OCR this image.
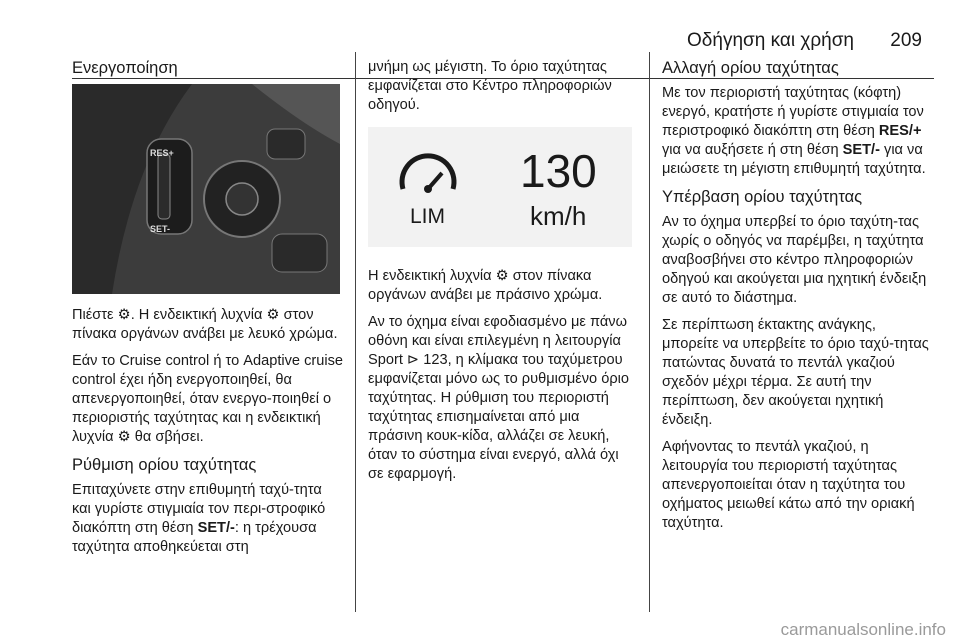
Οδήγηση και χρήση 209
Ενεργοποίηση
RES+
SET-

Πιέστε ⚙. Η ενδεικτική λυχνία ⚙ στον πίνακα οργάνων ανάβει με λευκό χρώμα.

Εάν το Cruise control ή το Adaptive cruise control έχει ήδη ενεργοποιηθεί, θα απενεργοποιηθεί, όταν ενεργο-ποιηθεί ο περιοριστής ταχύτητας και η ενδεικτική λυχνία ⚙ θα σβήσει.

Ρύθμιση ορίου ταχύτητας

Επιταχύνετε στην επιθυμητή ταχύ-τητα και γυρίστε στιγμιαία τον περι-στροφικό διακόπτη στη θέση SET/-: η τρέχουσα ταχύτητα αποθηκεύεται στη

μνήμη ως μέγιστη. Το όριο ταχύτητας εμφανίζεται στο Κέντρο πληροφοριών οδηγού.

LIM
130
km/h

Η ενδεικτική λυχνία ⚙ στον πίνακα οργάνων ανάβει με πράσινο χρώμα.

Αν το όχημα είναι εφοδιασμένο με πάνω οθόνη και είναι επιλεγμένη η λειτουργία Sport ⊳ 123, η κλίμακα του ταχύμετρου εμφανίζεται μόνο ως το ρυθμισμένο όριο ταχύτητας. Η ρύθμιση του περιοριστή ταχύτητας επισημαίνεται από μια πράσινη κουκ-κίδα, αλλάζει σε λευκή, όταν το σύστημα είναι ενεργό, αλλά όχι σε εφαρμογή.

Αλλαγή ορίου ταχύτητας

Με τον περιοριστή ταχύτητας (κόφτη) ενεργό, κρατήστε ή γυρίστε στιγμιαία τον περιστροφικό διακόπτη στη θέση RES/+ για να αυξήσετε ή στη θέση SET/- για να μειώσετε τη μέγιστη επιθυμητή ταχύτητα.

Υπέρβαση ορίου ταχύτητας

Αν το όχημα υπερβεί το όριο ταχύτη-τας χωρίς ο οδηγός να παρέμβει, η ταχύτητα αναβοσβήνει στο κέντρο πληροφοριών οδηγού και ακούγεται μια ηχητική ένδειξη σε αυτό το διάστημα.

Σε περίπτωση έκτακτης ανάγκης, μπορείτε να υπερβείτε το όριο ταχύ-τητας πατώντας δυνατά το πεντάλ γκαζιού σχεδόν μέχρι τέρμα. Σε αυτή την περίπτωση, δεν ακούγεται ηχητική ένδειξη.

Αφήνοντας το πεντάλ γκαζιού, η λειτουργία του περιοριστή ταχύτητας απενεργοποιείται όταν η ταχύτητα του οχήματος μειωθεί κάτω από την οριακή ταχύτητα.

carmanualsonline.info
